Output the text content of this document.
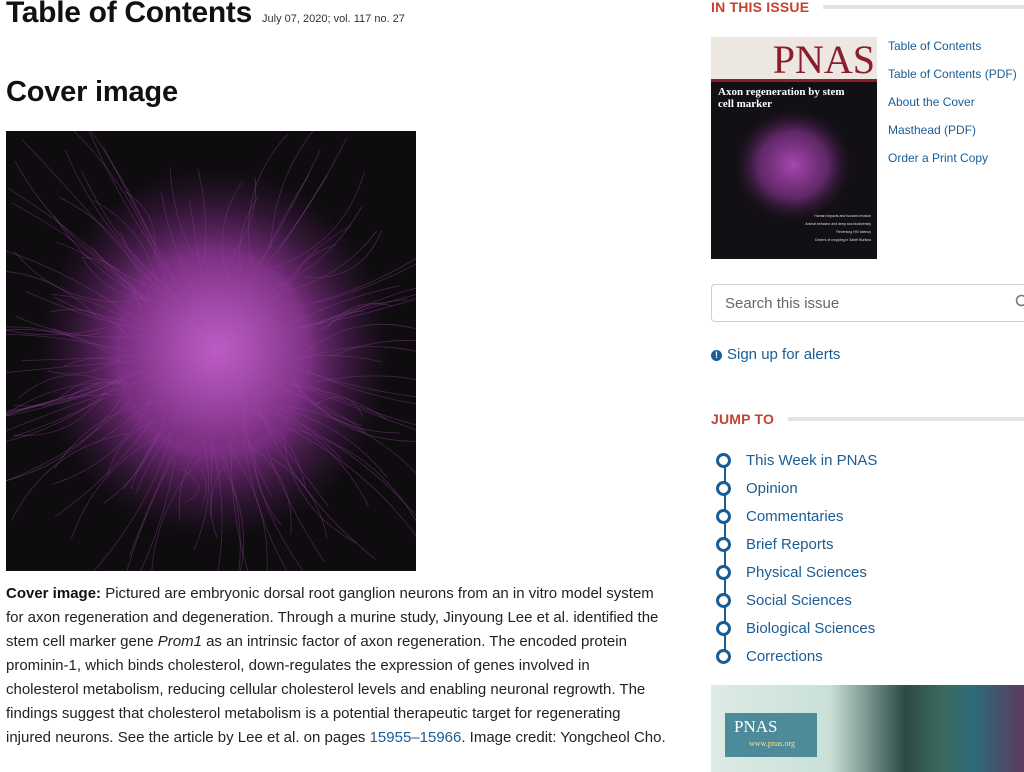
Table of Contents July 07, 2020; vol. 117 no. 27
Cover image

Cover image: Pictured are embryonic dorsal root ganglion neurons from an in vitro model system for axon regeneration and degeneration. Through a murine study, Jinyoung Lee et al. identified the stem cell marker gene Prom1 as an intrinsic factor of axon regeneration. The encoded protein prominin-1, which binds cholesterol, down-regulates the expression of genes involved in cholesterol metabolism, reducing cellular cholesterol levels and enabling neuronal regrowth. The findings suggest that cholesterol metabolism is a potential therapeutic target for regenerating injured neurons. See the article by Lee et al. on pages 15955–15966. Image credit: Yongcheol Cho.

IN THIS ISSUE
PNAS
Axon regeneration by stem
cell marker
Human impacts and tsunami erosion
Animal behavior and deep sea biodiversity
Reversing HIV latency
Drivers of cropping in Sahel Burkina
Table of Contents
Table of Contents (PDF)
About the Cover
Masthead (PDF)
Order a Print Copy
Search this issue
! Sign up for alerts
JUMP TO
This Week in PNAS
Opinion
Commentaries
Brief Reports
Physical Sciences
Social Sciences
Biological Sciences
Corrections
PNAS
www.pnas.org
